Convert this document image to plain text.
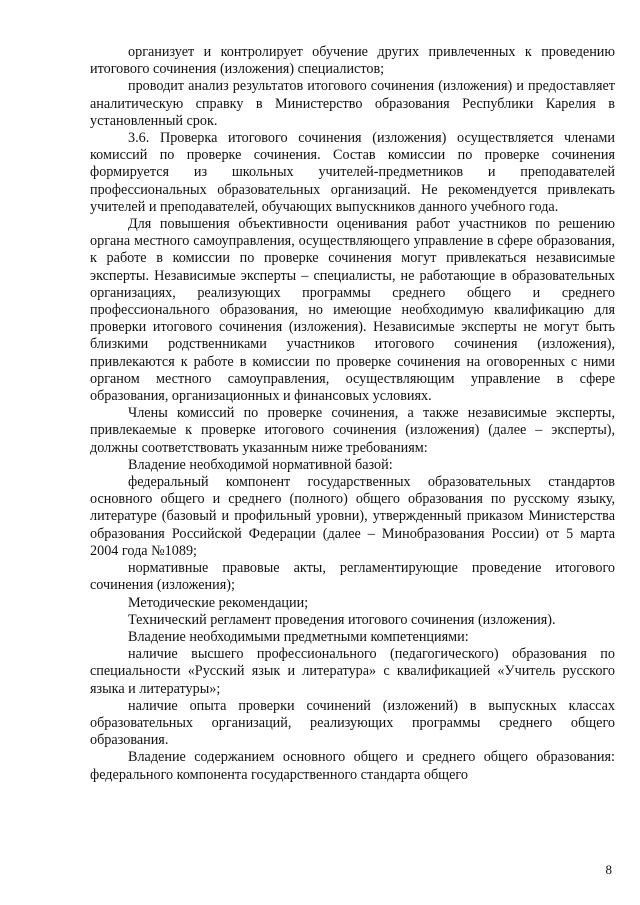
организует и контролирует обучение других привлеченных к проведению итогового сочинения (изложения) специалистов;

проводит анализ результатов итогового сочинения (изложения) и предоставляет аналитическую справку в Министерство образования Республики Карелия в установленный срок.

3.6. Проверка итогового сочинения (изложения) осуществляется членами комиссий по проверке сочинения. Состав комиссии по проверке сочинения формируется из школьных учителей-предметников и преподавателей профессиональных образовательных организаций. Не рекомендуется привлекать учителей и преподавателей, обучающих выпускников данного учебного года.

Для повышения объективности оценивания работ участников по решению органа местного самоуправления, осуществляющего управление в сфере образования, к работе в комиссии по проверке сочинения могут привлекаться независимые эксперты. Независимые эксперты – специалисты, не работающие в образовательных организациях, реализующих программы среднего общего и среднего профессионального образования, но имеющие необходимую квалификацию для проверки итогового сочинения (изложения). Независимые эксперты не могут быть близкими родственниками участников итогового сочинения (изложения), привлекаются к работе в комиссии по проверке сочинения на оговоренных с ними органом местного самоуправления, осуществляющим управление в сфере образования, организационных и финансовых условиях.

Члены комиссий по проверке сочинения, а также независимые эксперты, привлекаемые к проверке итогового сочинения (изложения) (далее – эксперты), должны соответствовать указанным ниже требованиям:

Владение необходимой нормативной базой:

федеральный компонент государственных образовательных стандартов основного общего и среднего (полного) общего образования по русскому языку, литературе (базовый и профильный уровни), утвержденный приказом Министерства образования Российской Федерации (далее – Минобразования России) от 5 марта 2004 года №1089;

нормативные правовые акты, регламентирующие проведение итогового сочинения (изложения);

Методические рекомендации;

Технический регламент проведения итогового сочинения (изложения).

Владение необходимыми предметными компетенциями:

наличие высшего профессионального (педагогического) образования по специальности «Русский язык и литература» с квалификацией «Учитель русского языка и литературы»;

наличие опыта проверки сочинений (изложений) в выпускных классах образовательных организаций, реализующих программы среднего общего образования.

Владение содержанием основного общего и среднего общего образования: федерального компонента государственного стандарта общего

8
